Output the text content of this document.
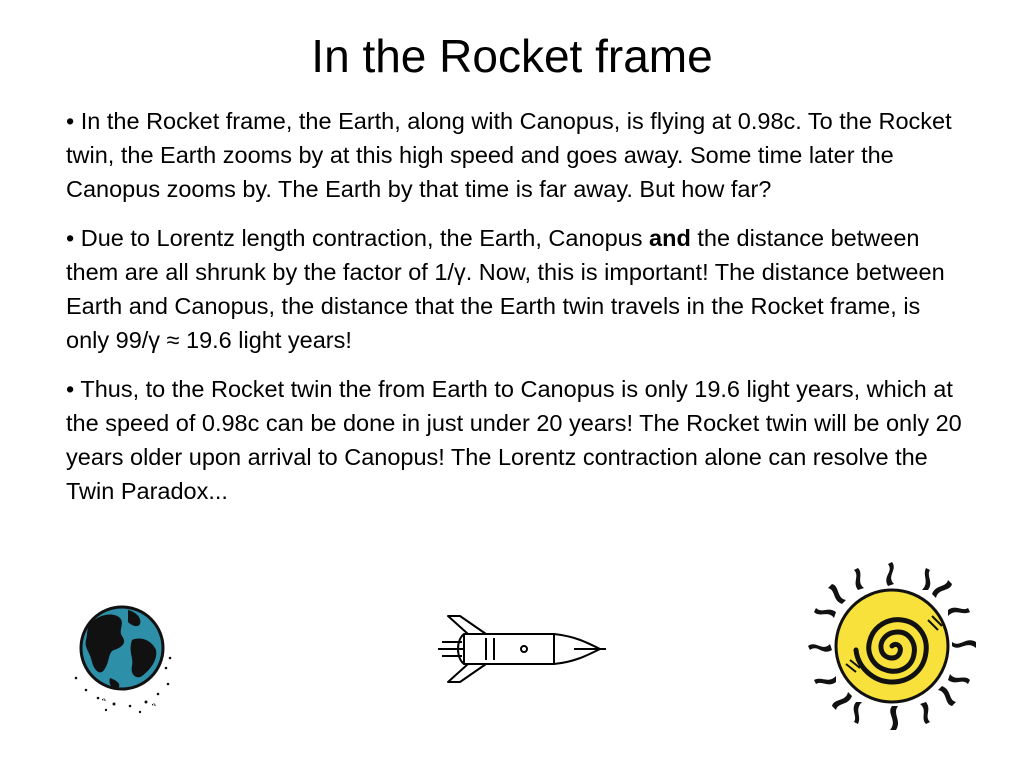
In the Rocket frame

• In the Rocket frame, the Earth, along with Canopus, is flying at 0.98c. To the Rocket twin, the Earth zooms by at this high speed and goes away. Some time later the Canopus zooms by. The Earth by that time is far away. But how far?

• Due to Lorentz length contraction, the Earth, Canopus and the distance between them are all shrunk by the factor of 1/γ. Now, this is important! The distance between Earth and Canopus, the distance that the Earth twin travels in the Rocket frame, is only 99/γ ≈ 19.6 light years!

• Thus, to the Rocket twin the from Earth to Canopus is only 19.6 light years, which at the speed of 0.98c can be done in just under 20 years! The Rocket twin will be only 20 years older upon arrival to Canopus! The Lorentz contraction alone can resolve the Twin Paradox...
